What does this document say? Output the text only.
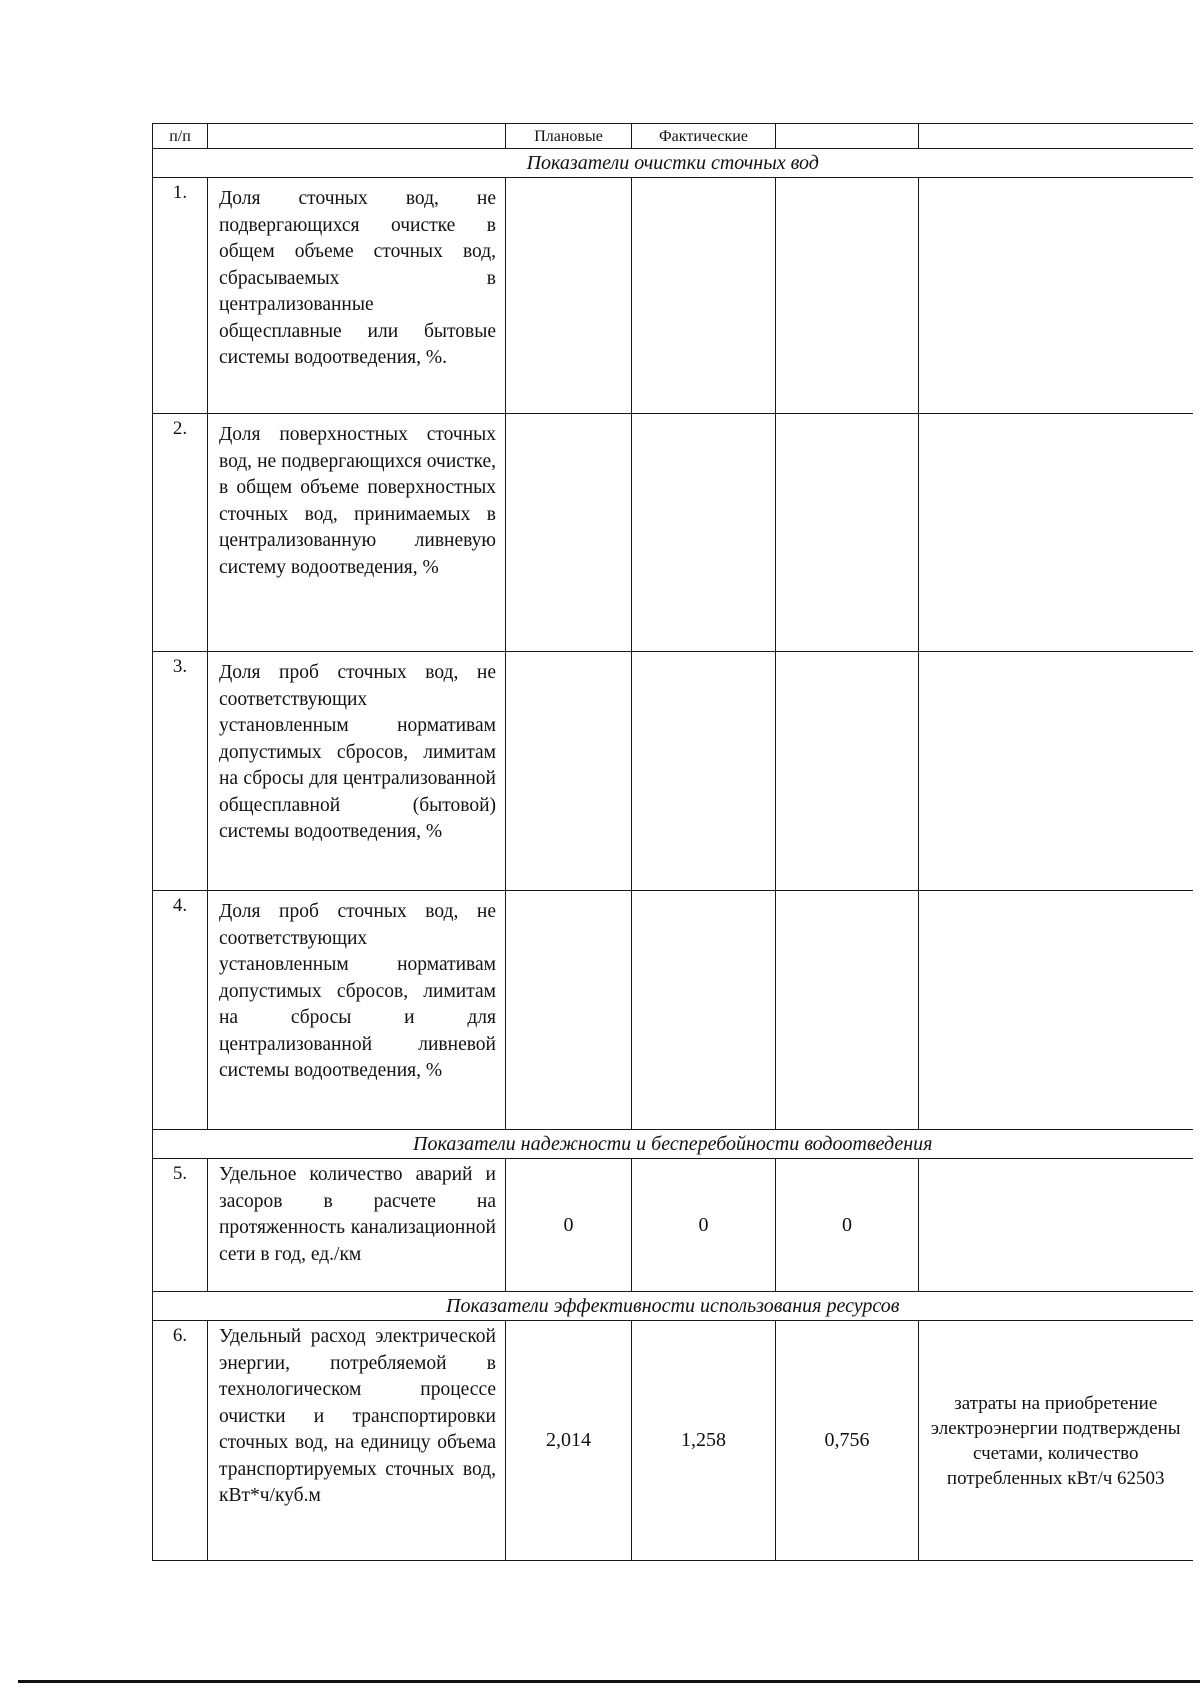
п/п		Плановые	Фактические		
Показатели очистки сточных вод					
1.	Доля сточных вод, не подвергающихся очистке в общем объеме сточных вод, сбрасываемых в централизованные общесплавные или бытовые системы водоотведения, %.				
2.	Доля поверхностных сточных вод, не подвергающихся очистке, в общем объеме поверхностных сточных вод, принимаемых в централизованную ливневую систему водоотведения, %				
3.	Доля проб сточных вод, не соответствующих установленным нормативам допустимых сбросов, лимитам на сбросы для централизованной общесплавной (бытовой) системы водоотведения, %				
4.	Доля проб сточных вод, не соответствующих установленным нормативам допустимых сбросов, лимитам на сбросы и для централизованной ливневой системы водоотведения, %				
Показатели надежности и бесперебойности водоотведения					
5.	Удельное количество аварий и засоров в расчете на протяженность канализационной сети в год, ед./км	0	0	0	
Показатели эффективности использования ресурсов					
6.	Удельный расход электрической энергии, потребляемой в технологическом процессе очистки и транспортировки сточных вод, на единицу объема транспортируемых сточных вод, кВт*ч/куб.м	2,014	1,258	0,756	затраты на приобретение электроэнергии подтверждены счетами, количество потребленных кВт/ч 62503
